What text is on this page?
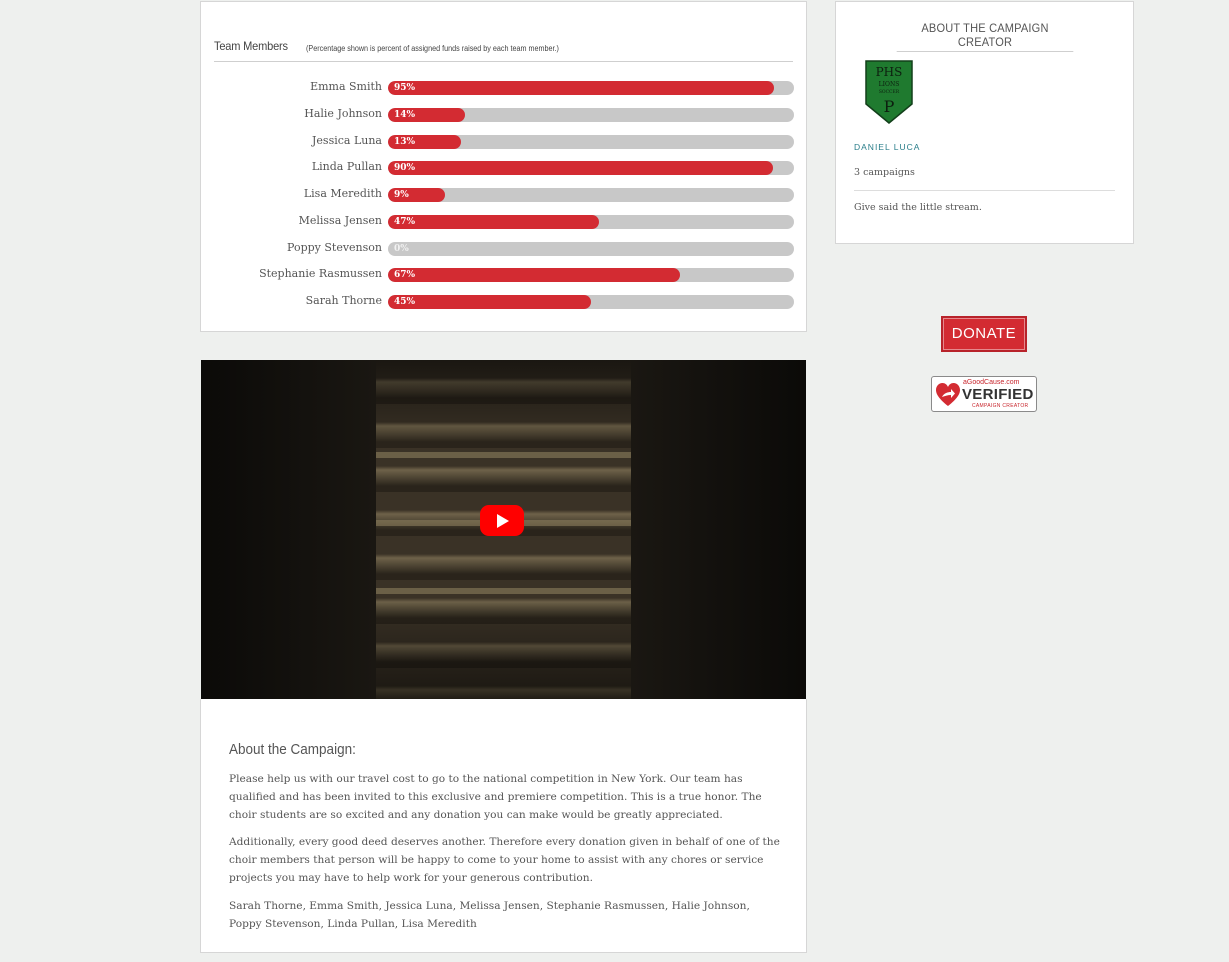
Team Members (Percentage shown is percent of assigned funds raised by each team member.)
Emma Smith 95%
Halie Johnson 14%
Jessica Luna 13%
Linda Pullan 90%
Lisa Meredith 9%
Melissa Jensen 47%
Poppy Stevenson 0%
Stephanie Rasmussen 67%
Sarah Thorne 45%
About the Campaign:

Please help us with our travel cost to go to the national competition in New York. Our team has qualified and has been invited to this exclusive and premiere competition. This is a true honor. The choir students are so excited and any donation you can make would be greatly appreciated.

Additionally, every good deed deserves another. Therefore every donation given in behalf of one of the choir members that person will be happy to come to your home to assist with any chores or service projects you may have to help work for your generous contribution.

Sarah Thorne, Emma Smith, Jessica Luna, Melissa Jensen, Stephanie Rasmussen, Halie Johnson, Poppy Stevenson, Linda Pullan, Lisa Meredith

ABOUT THE CAMPAIGN CREATOR
PHS
LIONS
SOCCER
P
DANIEL LUCA
3 campaigns
Give said the little stream.
DONATE
aGoodCause.com
VERIFIED
CAMPAIGN CREATOR
